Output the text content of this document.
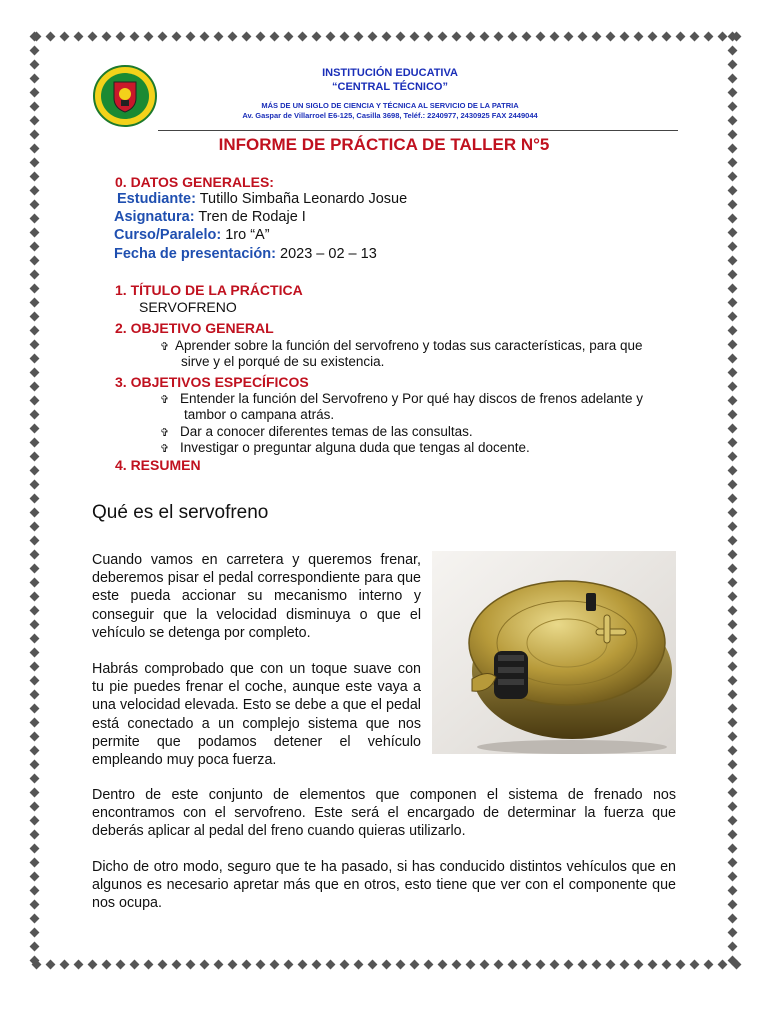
INSTITUCIÓN EDUCATIVA
“CENTRAL TÉCNICO”
MÁS DE UN SIGLO DE CIENCIA Y TÉCNICA AL SERVICIO DE LA PATRIA
Av. Gaspar de Villarroel E6-125, Casilla 3698, Teléf.: 2240977, 2430925 FAX 2449044
INFORME DE PRÁCTICA DE TALLER N°5
0. DATOS GENERALES:
Estudiante: Tutillo Simbaña Leonardo Josue
Asignatura: Tren de Rodaje I
Curso/Paralelo: 1ro “A”
Fecha de presentación: 2023 – 02 – 13
1. TÍTULO DE LA PRÁCTICA
SERVOFRENO
2. OBJETIVO GENERAL
✞ Aprender sobre la función del servofreno y todas sus características, para que
sirve y el porqué de su existencia.
3. OBJETIVOS ESPECÍFICOS
✞ Entender la función del Servofreno y Por qué hay discos de frenos adelante y
tambor o campana atrás.
✞ Dar a conocer diferentes temas de las consultas.
✞ Investigar o preguntar alguna duda que tengas al docente.
4. RESUMEN
Qué es el servofreno
Cuando vamos en carretera y queremos frenar, deberemos pisar el pedal correspondiente para que este pueda accionar su mecanismo interno y conseguir que la velocidad disminuya o que el vehículo se detenga por completo.
Habrás comprobado que con un toque suave con tu pie puedes frenar el coche, aunque este vaya a una velocidad elevada. Esto se debe a que el pedal está conectado a un complejo sistema que nos permite que podamos detener el vehículo empleando muy poca fuerza.
Dentro de este conjunto de elementos que componen el sistema de frenado nos encontramos con el servofreno. Este será el encargado de determinar la fuerza que deberás aplicar al pedal del freno cuando quieras utilizarlo.
Dicho de otro modo, seguro que te ha pasado, si has conducido distintos vehículos que en algunos es necesario apretar más que en otros, esto tiene que ver con el componente que nos ocupa.
